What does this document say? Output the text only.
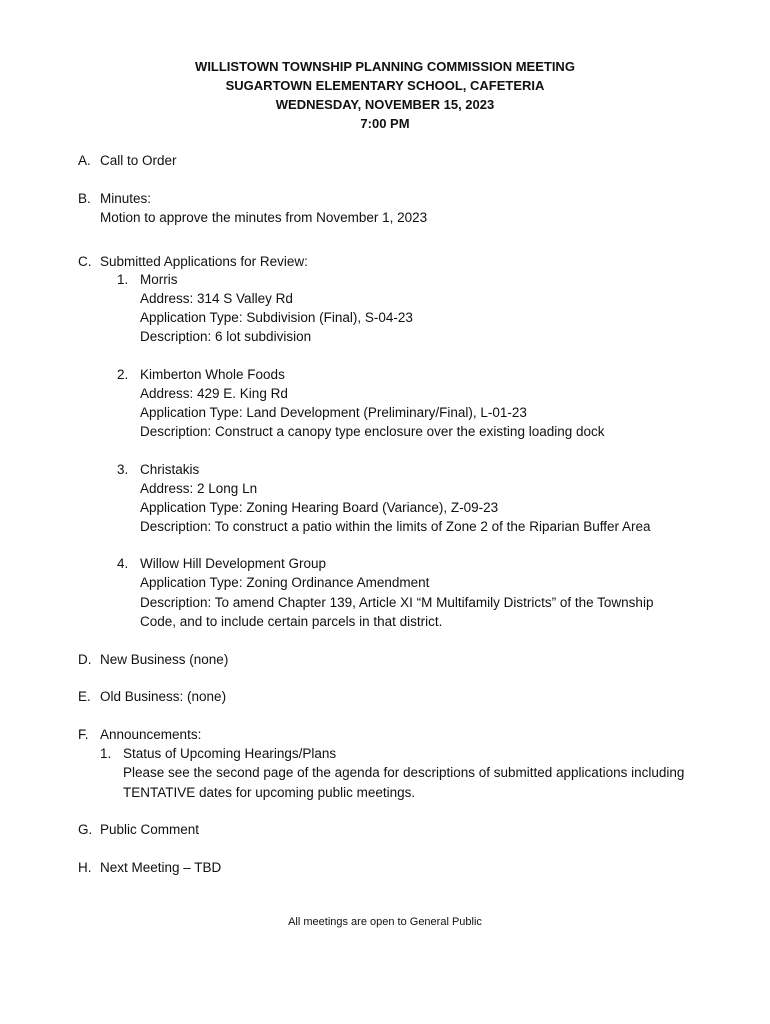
WILLISTOWN TOWNSHIP PLANNING COMMISSION MEETING
SUGARTOWN ELEMENTARY SCHOOL, CAFETERIA
WEDNESDAY, NOVEMBER 15, 2023
7:00 PM
A. Call to Order
B. Minutes:
Motion to approve the minutes from November 1, 2023
C. Submitted Applications for Review:
1. Morris
Address: 314 S Valley Rd
Application Type: Subdivision (Final), S-04-23
Description: 6 lot subdivision
2. Kimberton Whole Foods
Address: 429 E. King Rd
Application Type: Land Development (Preliminary/Final), L-01-23
Description: Construct a canopy type enclosure over the existing loading dock
3. Christakis
Address: 2 Long Ln
Application Type: Zoning Hearing Board (Variance), Z-09-23
Description: To construct a patio within the limits of Zone 2 of the Riparian Buffer Area
4. Willow Hill Development Group
Application Type: Zoning Ordinance Amendment
Description: To amend Chapter 139, Article XI “M Multifamily Districts” of the Township
Code, and to include certain parcels in that district.
D. New Business (none)
E. Old Business: (none)
F. Announcements:
1. Status of Upcoming Hearings/Plans
Please see the second page of the agenda for descriptions of submitted applications including
TENTATIVE dates for upcoming public meetings.
G. Public Comment
H. Next Meeting – TBD
All meetings are open to General Public
